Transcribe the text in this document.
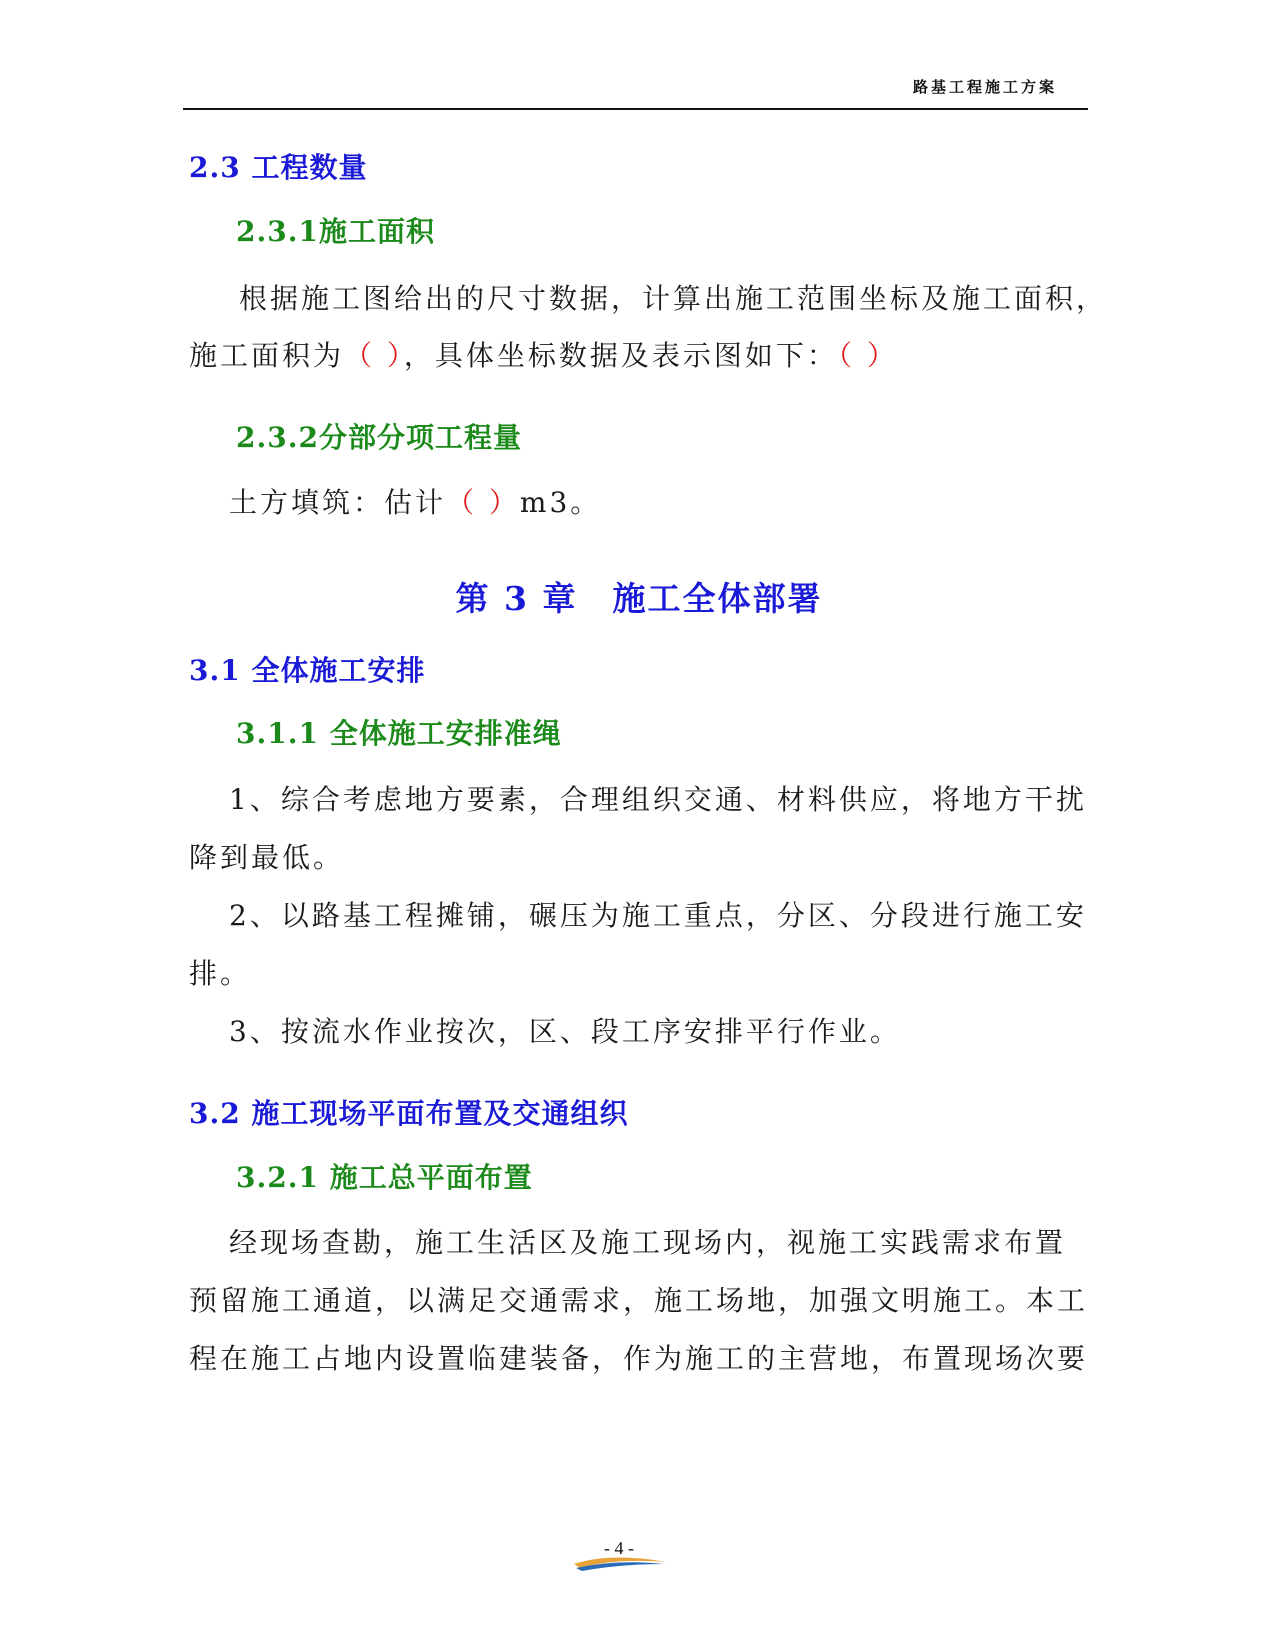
路基工程施工方案
2.3 工程数量
2.3.1施工面积
根据施工图给出的尺寸数据，计算出施工范围坐标及施工面积，
施工面积为（ ），具体坐标数据及表示图如下：（ ）
2.3.2分部分项工程量
土方填筑：估计（ ）m3。
第 3 章　施工全体部署
3.1 全体施工安排
3.1.1 全体施工安排准绳
1、综合考虑地方要素，合理组织交通、材料供应，将地方干扰
降到最低。
2、以路基工程摊铺，碾压为施工重点，分区、分段进行施工安
排。
3、按流水作业按次，区、段工序安排平行作业。
3.2 施工现场平面布置及交通组织
3.2.1 施工总平面布置
经现场查勘，施工生活区及施工现场内，视施工实践需求布置
预留施工通道，以满足交通需求，施工场地，加强文明施工。本工
程在施工占地内设置临建装备，作为施工的主营地，布置现场次要
- 4 -
